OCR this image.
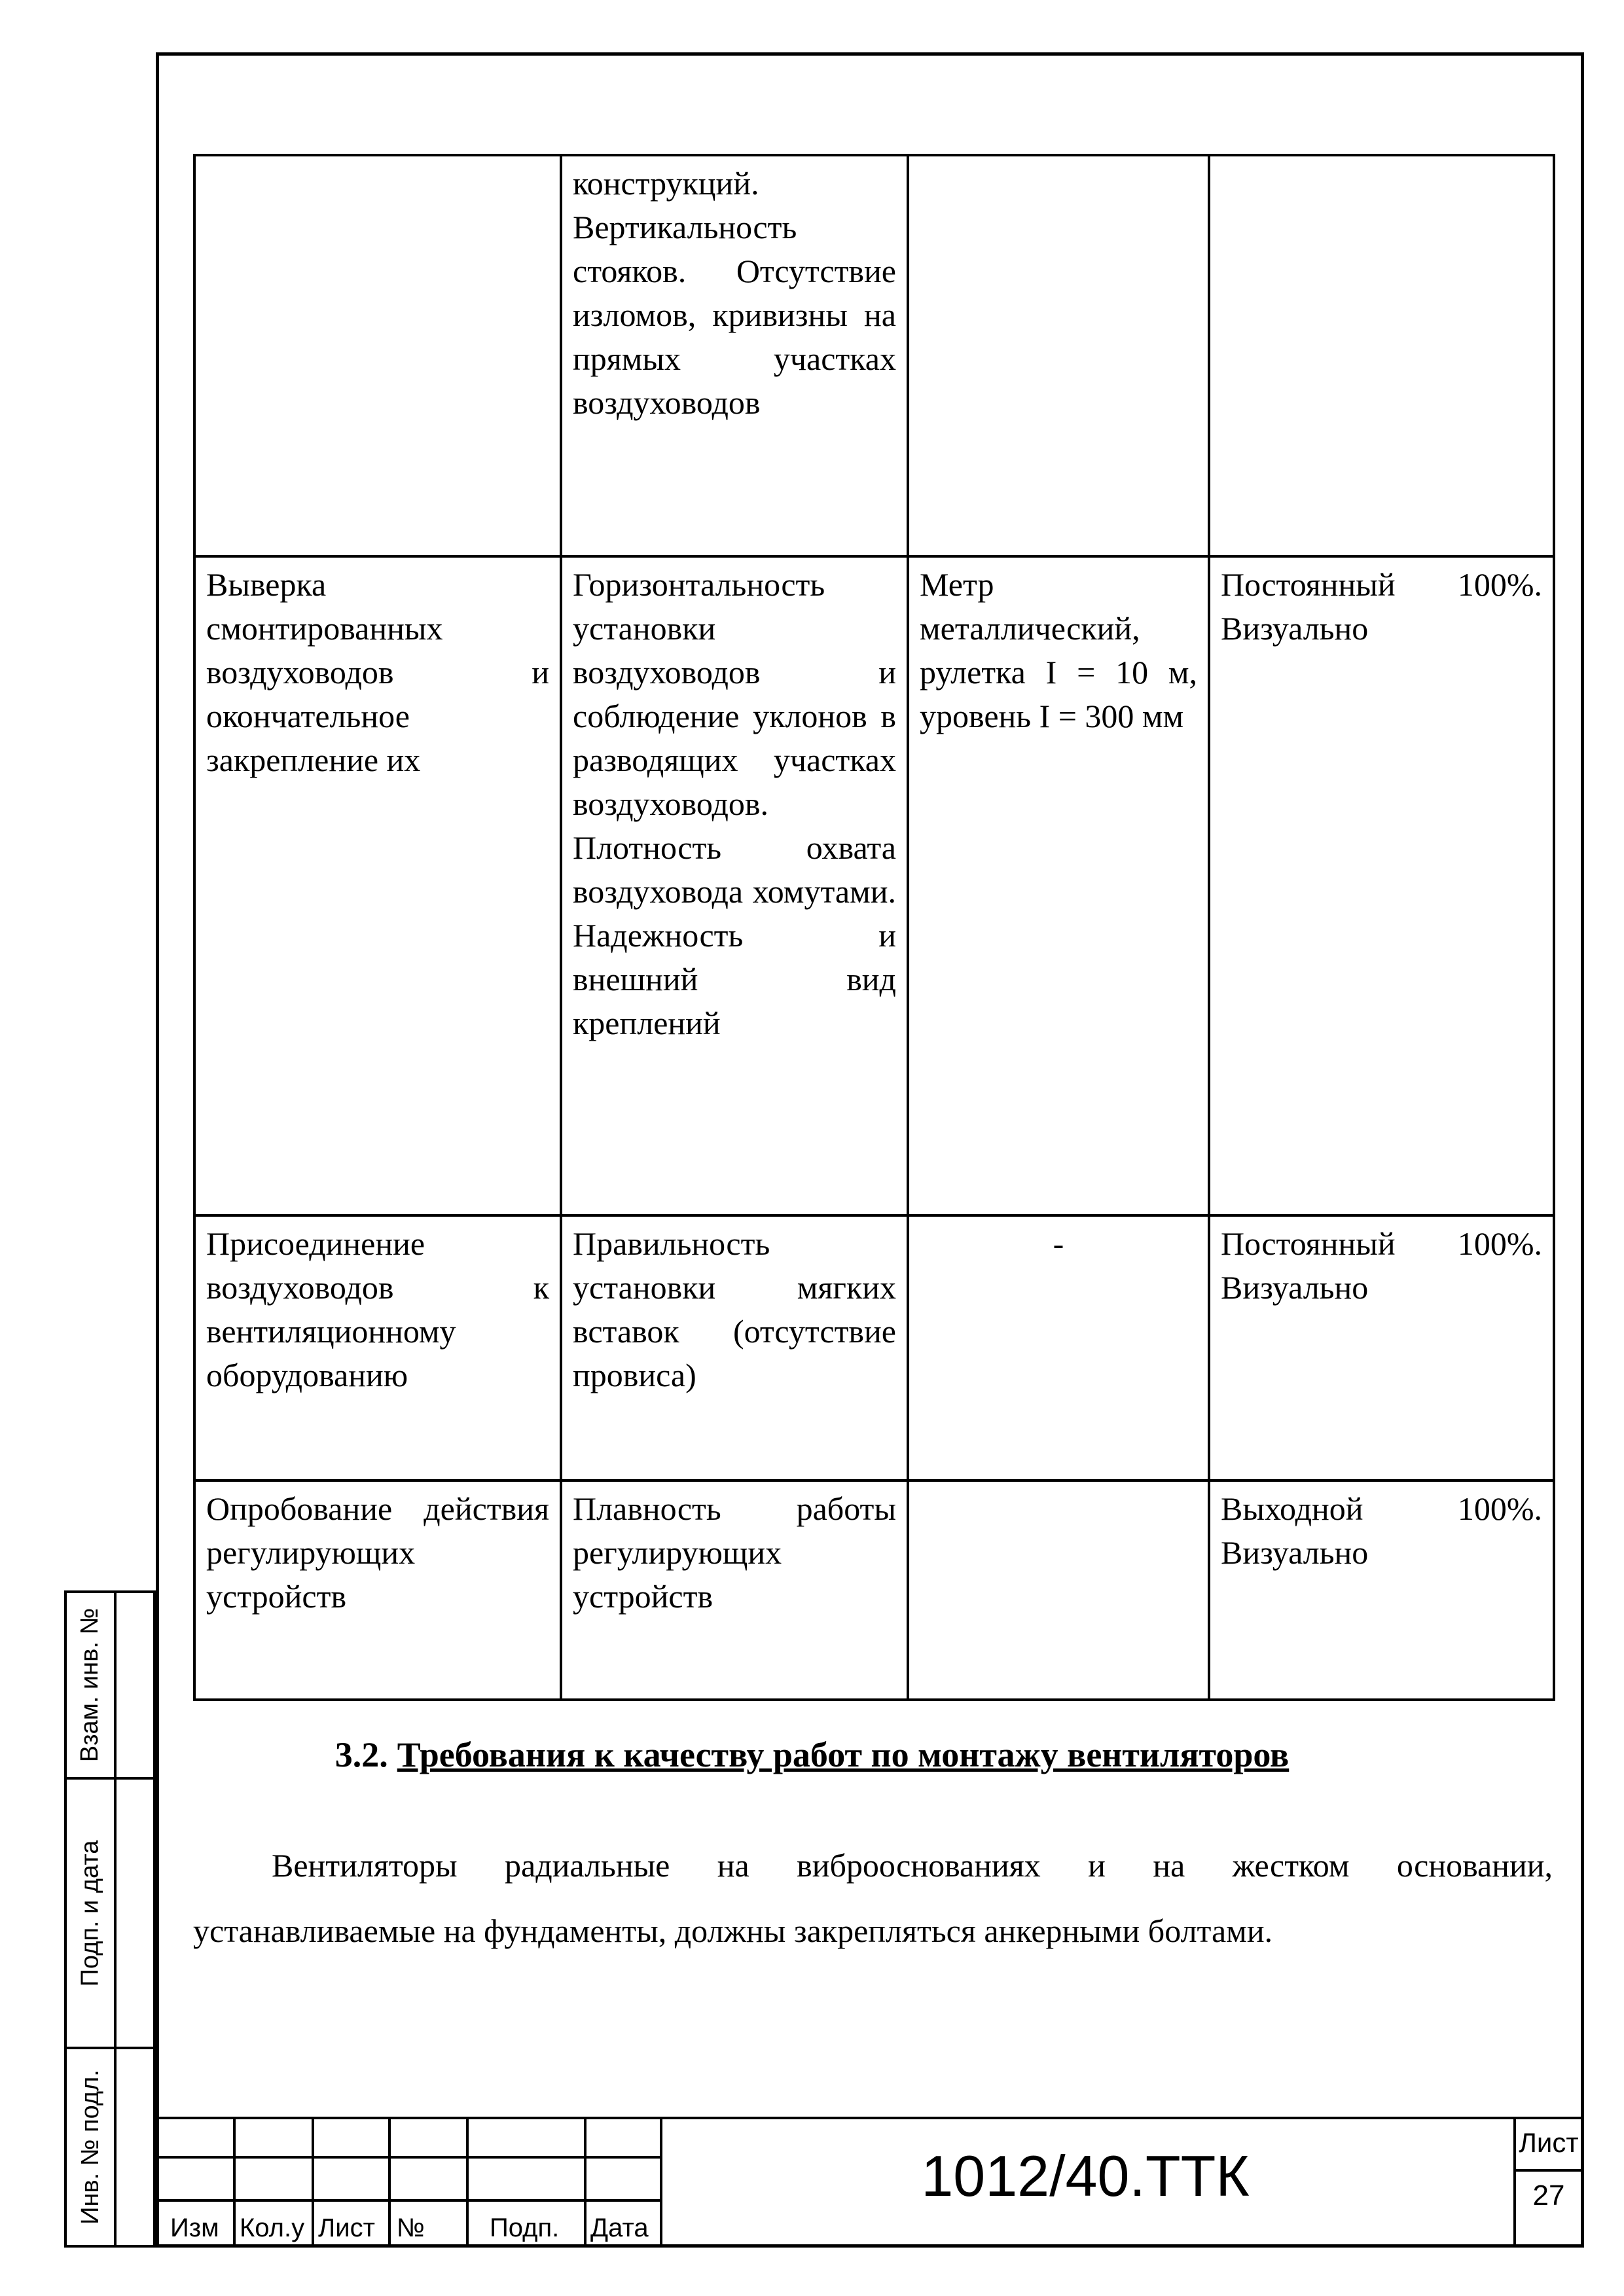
Взам. инв. №
Подп. и дата
Инв. № подл.
	конструкций. Вертикальность стояков. Отсутствие изломов, кривизны на прямых участках воздуховодов		
Выверка смонтированных воздуховодов и окончательное закрепление их	Горизонтальность установки воздуховодов и соблюдение уклонов в разводящих участках воздуховодов. Плотность охвата воздуховода хомутами. Надежность и внешний вид креплений	Метр металлический, рулетка I = 10 м, уровень I = 300 мм	Постоянный 100%. Визуально
Присоединение воздуховодов к вентиляционному оборудованию	Правильность установки мягких вставок (отсутствие провиса)	-	Постоянный 100%. Визуально
Опробование действия регулирующих устройств	Плавность работы регулирующих устройств		Выходной 100%. Визуально
3.2. Требования к качеству работ по монтажу вентиляторов
Вентиляторы радиальные на виброоснованиях и на жестком основании,
устанавливаемые на фундаменты, должны закрепляться анкерными болтами.
Изм Кол.у Лист № Подп. Дата
1012/40.ТТК
Лист
27
